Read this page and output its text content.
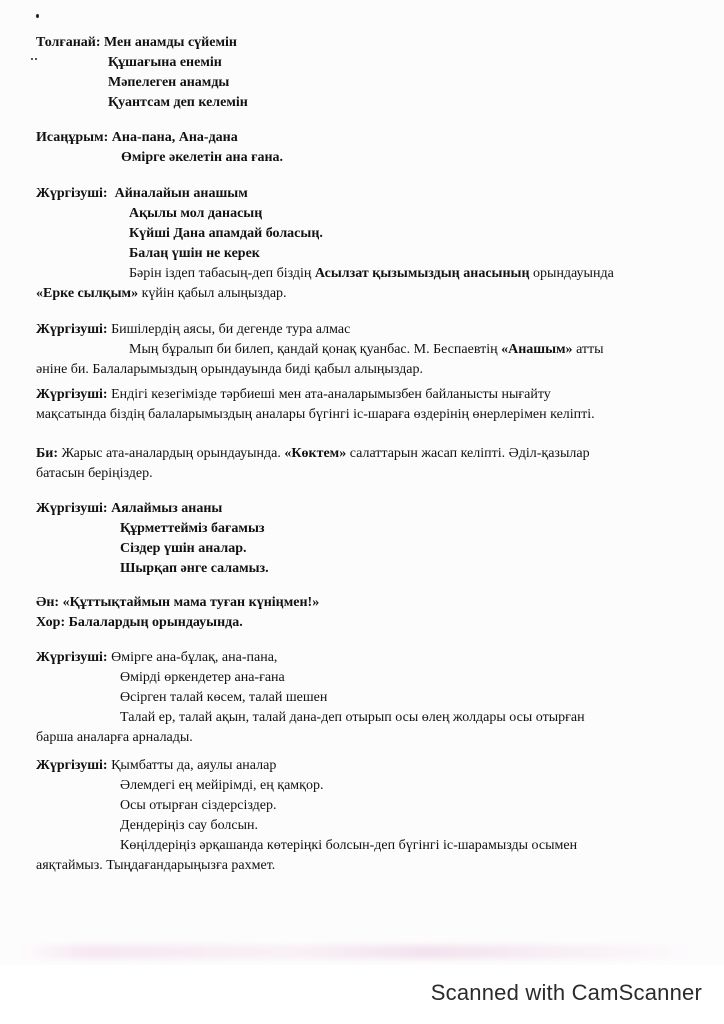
Толғанай: Мен анамды сүйемін
Құшағына енемін
Мәпелеген анамды
Қуантсам деп келемін
Исаңұрым: Ана-пана, Ана-дана
Өмірге әкелетін ана ғана.
Жүргізуші: Айналайын анашым
Ақылы мол данасың
Күйші Дана апамдай боласың.
Балаң үшін не керек
Бәрін іздеп табасың-деп біздің Асылзат қызымыздың анасының орындауында
«Ерке сылқым» күйін қабыл алыңыздар.
Жүргізуші: Бишілердің аясы, би дегенде тура алмас
Мың бұралып би билеп, қандай қонақ қуанбас. М. Беспаевтің «Анашым» атты
әніне би. Балаларымыздың орындауында биді қабыл алыңыздар.
Жүргізуші: Ендігі кезегімізде тәрбиеші мен ата-аналарымызбен байланысты нығайту
мақсатында біздің балаларымыздың аналары бүгінгі іс-шараға өздерінің өнерлерімен келіпті.
Би: Жарыс ата-аналардың орындауында. «Көктем» салаттарын жасап келіпті. Әділ-қазылар
батасын беріңіздер.
Жүргізуші: Аялаймыз ананы
Құрметтейміз бағамыз
Сіздер үшін аналар.
Шырқап әнге саламыз.
Ән: «Құттықтаймын мама туған күніңмен!»
Хор: Балалардың орындауында.
Жүргізуші: Өмірге ана-бұлақ, ана-пана,
Өмірді өркендетер ана-ғана
Өсірген талай көсем, талай шешен
Талай ер, талай ақын, талай дана-деп отырып осы өлең жолдары осы отырған
барша аналарға арналады.
Жүргізуші: Қымбатты да, аяулы аналар
Әлемдегі ең мейірімді, ең қамқор.
Осы отырған сіздерсіздер.
Дендеріңіз сау болсын.
Көңілдеріңіз әрқашанда көтеріңкі болсын-деп бүгінгі іс-шарамызды осымен
аяқтаймыз. Тыңдағандарыңызға рахмет.
Scanned with CamScanner
